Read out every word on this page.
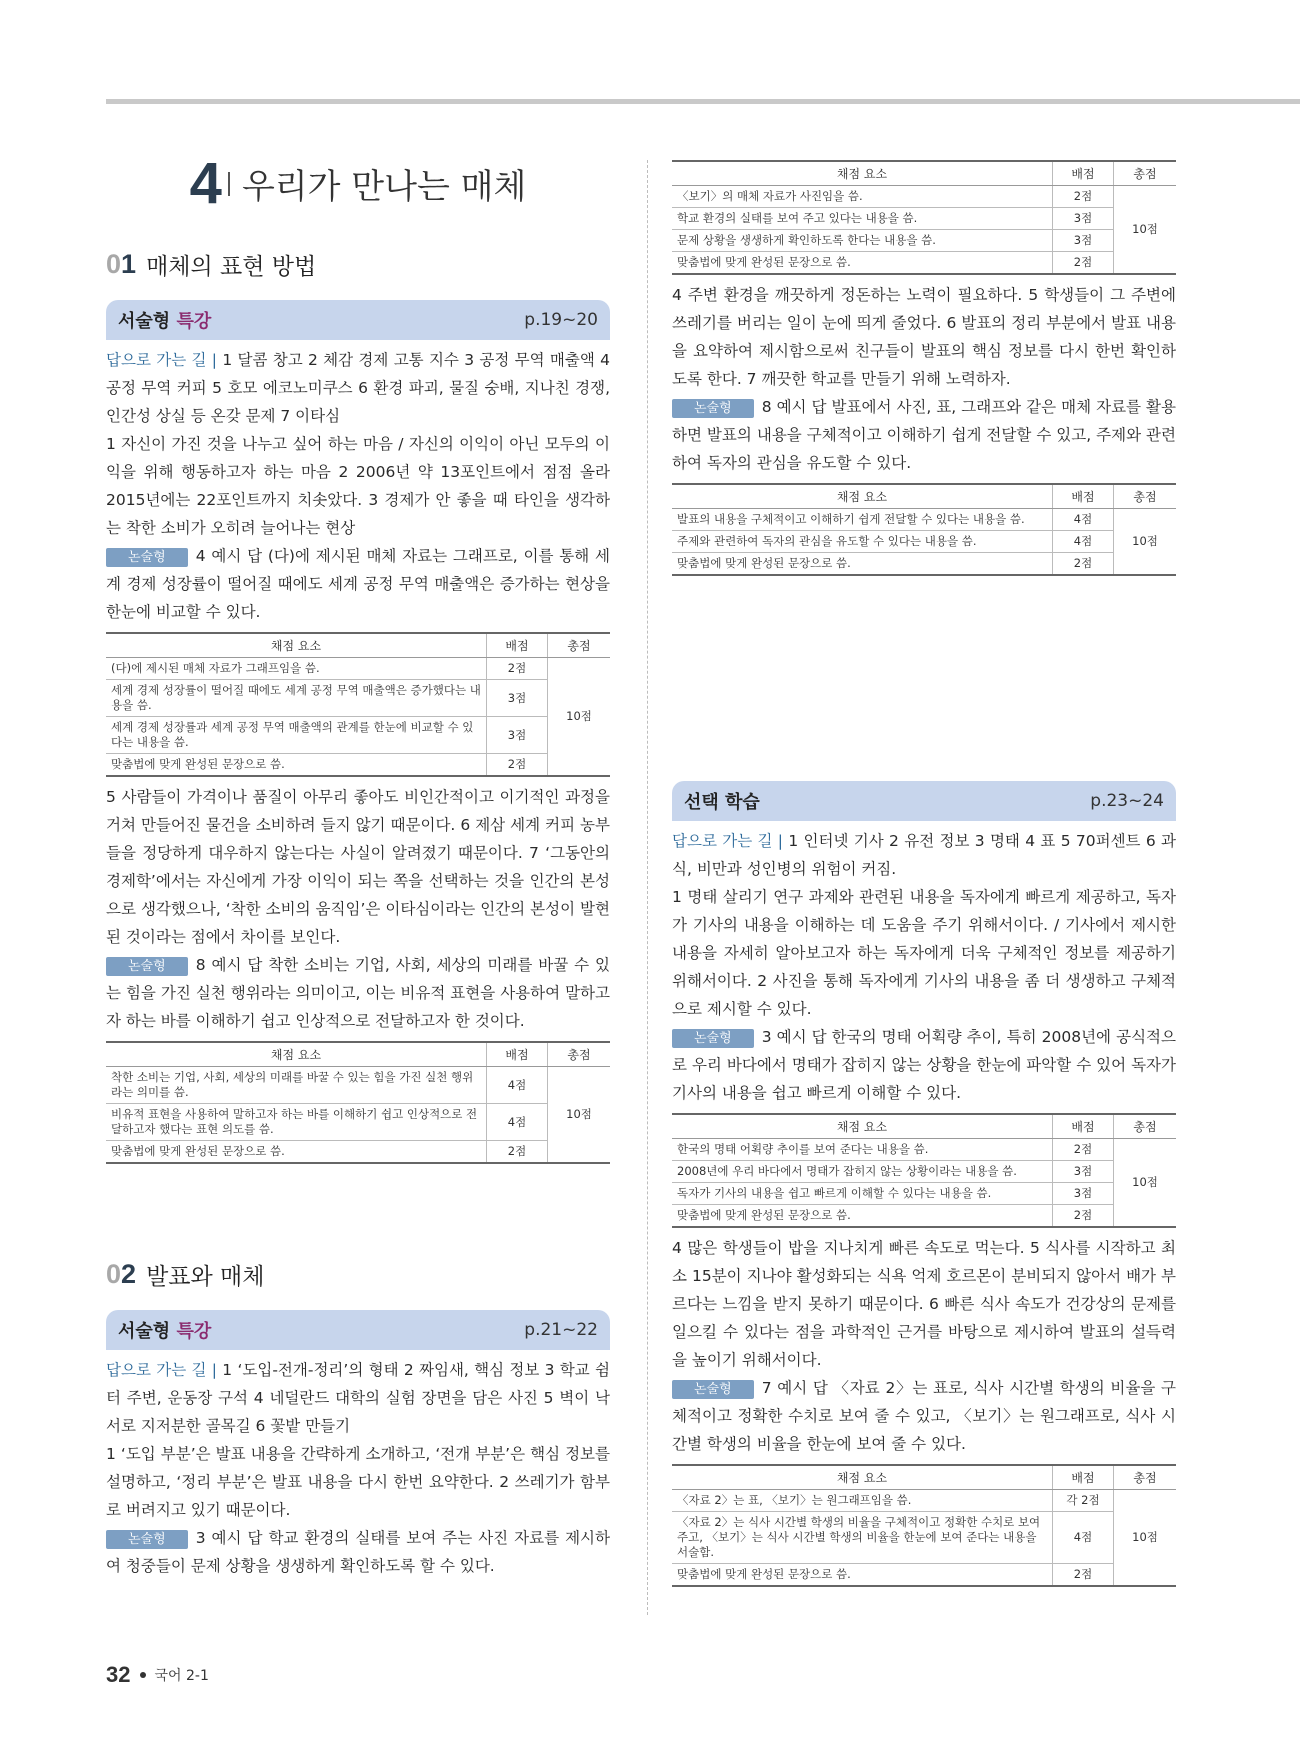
4 우리가 만나는 매체
01 매체의 표현 방법
서술형 특강	p.19~20

답으로 가는 길 | 1 달콤 창고 2 체감 경제 고통 지수 3 공정 무역 매출액 4 공정 무역 커피 5 호모 에코노미쿠스 6 환경 파괴, 물질 숭배, 지나친 경쟁, 인간성 상실 등 온갖 문제 7 이타심

1 자신이 가진 것을 나누고 싶어 하는 마음 / 자신의 이익이 아닌 모두의 이익을 위해 행동하고자 하는 마음 2 2006년 약 13포인트에서 점점 올라 2015년에는 22포인트까지 치솟았다. 3 경제가 안 좋을 때 타인을 생각하는 착한 소비가 오히려 늘어나는 현상

논술형 4 예시 답 (다)에 제시된 매체 자료는 그래프로, 이를 통해 세계 경제 성장률이 떨어질 때에도 세계 공정 무역 매출액은 증가하는 현상을 한눈에 비교할 수 있다.

채점 요소	배점	총점
(다)에 제시된 매체 자료가 그래프임을 씀.	2점	10점
세계 경제 성장률이 떨어질 때에도 세계 공정 무역 매출액은 증가했다는 내용을 씀.	3점	
세계 경제 성장률과 세계 공정 무역 매출액의 관계를 한눈에 비교할 수 있다는 내용을 씀.	3점	
맞춤법에 맞게 완성된 문장으로 씀.	2점	

5 사람들이 가격이나 품질이 아무리 좋아도 비인간적이고 이기적인 과정을 거쳐 만들어진 물건을 소비하려 들지 않기 때문이다. 6 제삼 세계 커피 농부들을 정당하게 대우하지 않는다는 사실이 알려졌기 때문이다. 7 ‘그동안의 경제학’에서는 자신에게 가장 이익이 되는 쪽을 선택하는 것을 인간의 본성으로 생각했으나, ‘착한 소비의 움직임’은 이타심이라는 인간의 본성이 발현된 것이라는 점에서 차이를 보인다.

논술형 8 예시 답 착한 소비는 기업, 사회, 세상의 미래를 바꿀 수 있는 힘을 가진 실천 행위라는 의미이고, 이는 비유적 표현을 사용하여 말하고자 하는 바를 이해하기 쉽고 인상적으로 전달하고자 한 것이다.

채점 요소	배점	총점
착한 소비는 기업, 사회, 세상의 미래를 바꿀 수 있는 힘을 가진 실천 행위라는 의미를 씀.	4점	10점
비유적 표현을 사용하여 말하고자 하는 바를 이해하기 쉽고 인상적으로 전달하고자 했다는 표현 의도를 씀.	4점	
맞춤법에 맞게 완성된 문장으로 씀.	2점	
02 발표와 매체
서술형 특강	p.21~22

답으로 가는 길 | 1 ‘도입-전개-정리’의 형태 2 짜임새, 핵심 정보 3 학교 쉼터 주변, 운동장 구석 4 네덜란드 대학의 실험 장면을 담은 사진 5 벽이 낙서로 지저분한 골목길 6 꽃밭 만들기

1 ‘도입 부분’은 발표 내용을 간략하게 소개하고, ‘전개 부분’은 핵심 정보를 설명하고, ‘정리 부분’은 발표 내용을 다시 한번 요약한다. 2 쓰레기가 함부로 버려지고 있기 때문이다.

논술형 3 예시 답 학교 환경의 실태를 보여 주는 사진 자료를 제시하여 청중들이 문제 상황을 생생하게 확인하도록 할 수 있다.

채점 요소	배점	총점
〈보기〉의 매체 자료가 사진임을 씀.	2점	10점
학교 환경의 실태를 보여 주고 있다는 내용을 씀.	3점	
문제 상황을 생생하게 확인하도록 한다는 내용을 씀.	3점	
맞춤법에 맞게 완성된 문장으로 씀.	2점	

4 주변 환경을 깨끗하게 정돈하는 노력이 필요하다. 5 학생들이 그 주변에 쓰레기를 버리는 일이 눈에 띄게 줄었다. 6 발표의 정리 부분에서 발표 내용을 요약하여 제시함으로써 친구들이 발표의 핵심 정보를 다시 한번 확인하도록 한다. 7 깨끗한 학교를 만들기 위해 노력하자.

논술형 8 예시 답 발표에서 사진, 표, 그래프와 같은 매체 자료를 활용하면 발표의 내용을 구체적이고 이해하기 쉽게 전달할 수 있고, 주제와 관련하여 독자의 관심을 유도할 수 있다.

채점 요소	배점	총점
발표의 내용을 구체적이고 이해하기 쉽게 전달할 수 있다는 내용을 씀.	4점	10점
주제와 관련하여 독자의 관심을 유도할 수 있다는 내용을 씀.	4점	
맞춤법에 맞게 완성된 문장으로 씀.	2점	
선택 학습	p.23~24

답으로 가는 길 | 1 인터넷 기사 2 유전 정보 3 명태 4 표 5 70퍼센트 6 과식, 비만과 성인병의 위험이 커짐.

1 명태 살리기 연구 과제와 관련된 내용을 독자에게 빠르게 제공하고, 독자가 기사의 내용을 이해하는 데 도움을 주기 위해서이다. / 기사에서 제시한 내용을 자세히 알아보고자 하는 독자에게 더욱 구체적인 정보를 제공하기 위해서이다. 2 사진을 통해 독자에게 기사의 내용을 좀 더 생생하고 구체적으로 제시할 수 있다.

논술형 3 예시 답 한국의 명태 어획량 추이, 특히 2008년에 공식적으로 우리 바다에서 명태가 잡히지 않는 상황을 한눈에 파악할 수 있어 독자가 기사의 내용을 쉽고 빠르게 이해할 수 있다.

채점 요소	배점	총점
한국의 명태 어획량 추이를 보여 준다는 내용을 씀.	2점	10점
2008년에 우리 바다에서 명태가 잡히지 않는 상황이라는 내용을 씀.	3점	
독자가 기사의 내용을 쉽고 빠르게 이해할 수 있다는 내용을 씀.	3점	
맞춤법에 맞게 완성된 문장으로 씀.	2점	

4 많은 학생들이 밥을 지나치게 빠른 속도로 먹는다. 5 식사를 시작하고 최소 15분이 지나야 활성화되는 식욕 억제 호르몬이 분비되지 않아서 배가 부르다는 느낌을 받지 못하기 때문이다. 6 빠른 식사 속도가 건강상의 문제를 일으킬 수 있다는 점을 과학적인 근거를 바탕으로 제시하여 발표의 설득력을 높이기 위해서이다.

논술형 7 예시 답 〈자료 2〉는 표로, 식사 시간별 학생의 비율을 구체적이고 정확한 수치로 보여 줄 수 있고, 〈보기〉는 원그래프로, 식사 시간별 학생의 비율을 한눈에 보여 줄 수 있다.

채점 요소	배점	총점
〈자료 2〉는 표, 〈보기〉는 원그래프임을 씀.	각 2점	10점
〈자료 2〉는 식사 시간별 학생의 비율을 구체적이고 정확한 수치로 보여 주고, 〈보기〉는 식사 시간별 학생의 비율을 한눈에 보여 준다는 내용을 서술함.	4점	
맞춤법에 맞게 완성된 문장으로 씀.	2점	
32 국어 2-1
